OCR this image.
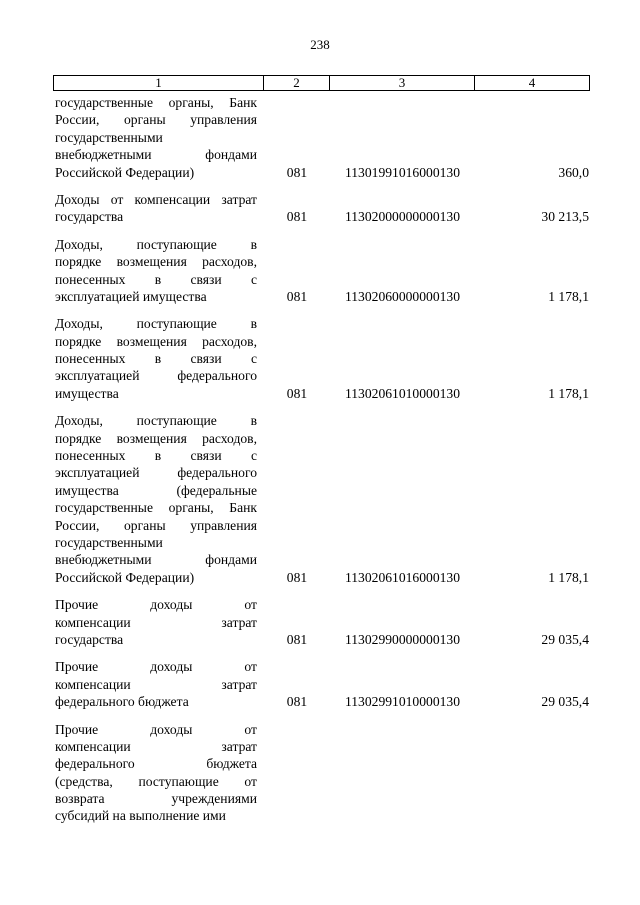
238
1	2	3	4
государственные органы, Банк
России, органы управления
государственными
внебюджетными фондами
Российской Федерации)	081	11301991016000130	360,0
Доходы от компенсации затрат
государства	081	11302000000000130	30 213,5
Доходы, поступающие в
порядке возмещения расходов,
понесенных в связи с
эксплуатацией имущества	081	11302060000000130	1 178,1
Доходы, поступающие в
порядке возмещения расходов,
понесенных в связи с
эксплуатацией федерального
имущества	081	11302061010000130	1 178,1
Доходы, поступающие в
порядке возмещения расходов,
понесенных в связи с
эксплуатацией федерального
имущества (федеральные
государственные органы, Банк
России, органы управления
государственными
внебюджетными фондами
Российской Федерации)	081	11302061016000130	1 178,1
Прочие доходы от
компенсации затрат
государства	081	11302990000000130	29 035,4
Прочие доходы от
компенсации затрат
федерального бюджета	081	11302991010000130	29 035,4
Прочие доходы от
компенсации затрат
федерального бюджета
(средства, поступающие от
возврата учреждениями
субсидий на выполнение ими
